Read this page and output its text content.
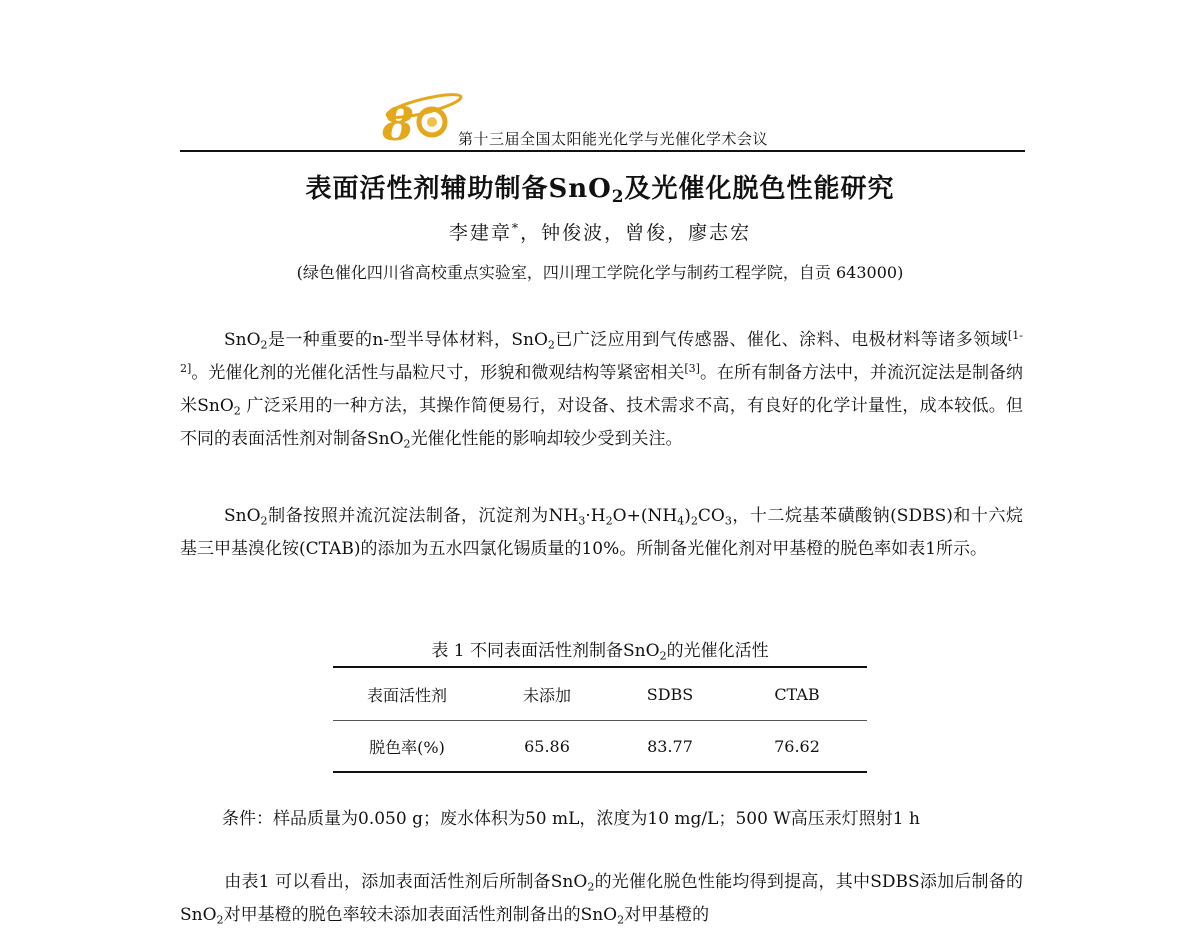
8	第十三届全国太阳能光化学与光催化学术会议
表面活性剂辅助制备SnO$_2$及光催化脱色性能研究
李建章*，钟俊波，曾俊，廖志宏
(绿色催化四川省高校重点实验室，四川理工学院化学与制药工程学院，自贡 643000)

SnO$_2$是一种重要的n-型半导体材料，SnO$_2$已广泛应用到气传感器、催化、涂料、电极材料等诸多领域[1-2]。光催化剂的光催化活性与晶粒尺寸，形貌和微观结构等紧密相关[3]。在所有制备方法中，并流沉淀法是制备纳米SnO$_2$ 广泛采用的一种方法，其操作简便易行，对设备、技术需求不高，有良好的化学计量性，成本较低。但不同的表面活性剂对制备SnO$_2$光催化性能的影响却较少受到关注。

SnO$_2$制备按照并流沉淀法制备，沉淀剂为$NH_3\cdot H_2O+(NH_4)_2CO_3$，十二烷基苯磺酸钠(SDBS)和十六烷基三甲基溴化铵(CTAB)的添加为五水四氯化锡质量的10%。所制备光催化剂对甲基橙的脱色率如表1所示。

表 1 不同表面活性剂制备SnO$_2$的光催化活性
表面活性剂	未添加	SDBS	CTAB
脱色率(%)	65.86	83.77	76.62
条件：样品质量为0.050 g；废水体积为50 mL，浓度为10 mg/L；500 W高压汞灯照射1 h

由表1 可以看出，添加表面活性剂后所制备SnO$_2$的光催化脱色性能均得到提高，其中SDBS添加后制备的SnO$_2$对甲基橙的脱色率较未添加表面活性剂制备出的SnO$_2$对甲基橙的
